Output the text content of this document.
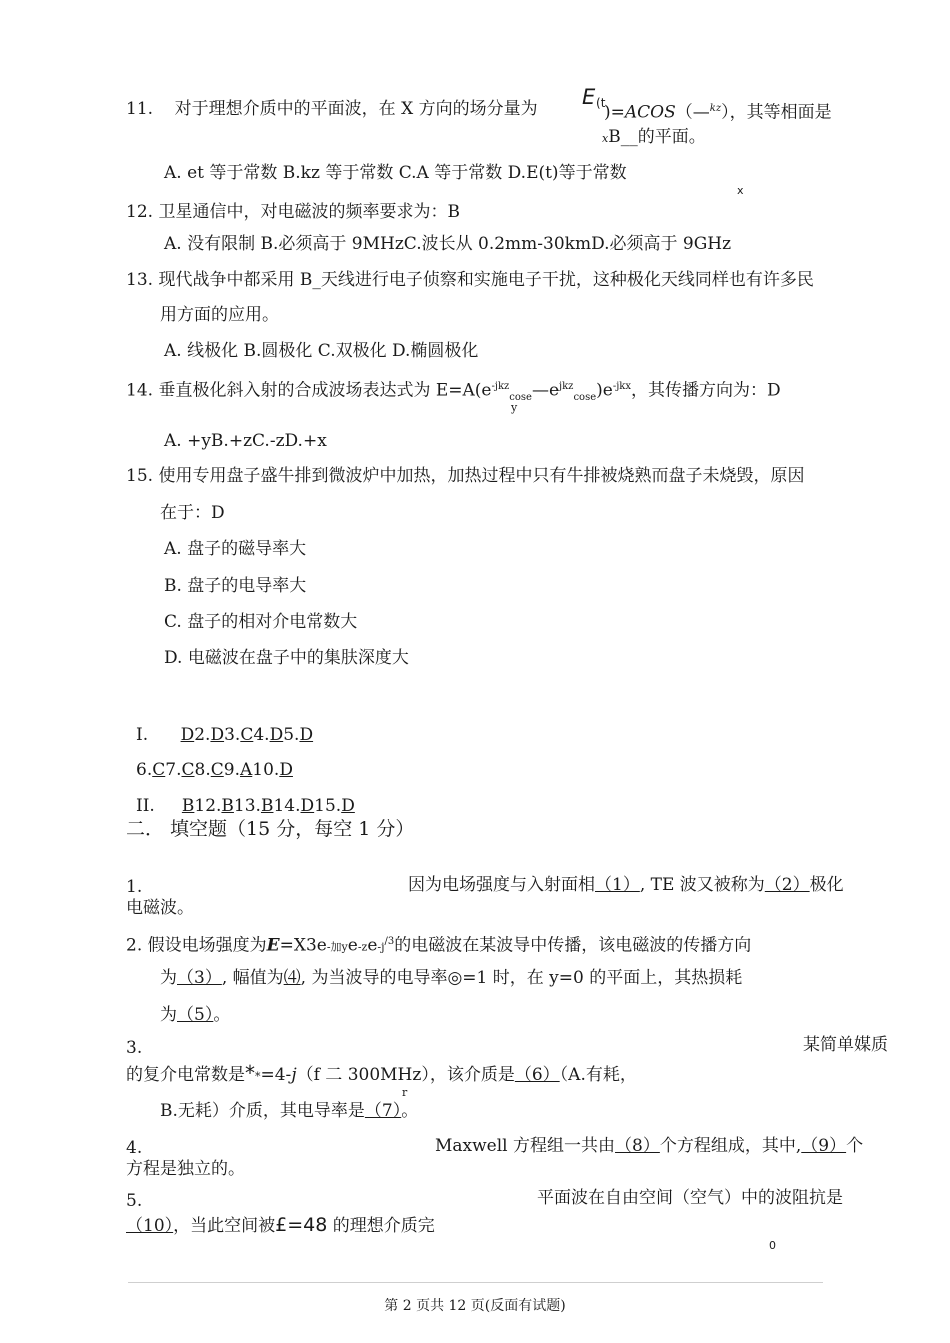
11. 对于理想介质中的平面波，在 X 方向的场分量为 E (t
)=ACOS（—$^{kz}$），其等相面是
xB__的平面。
A. et 等于常数 B.kz 等于常数 C.A 等于常数 D.E(t)等于常数
x
12. 卫星通信中，对电磁波的频率要求为：B
A. 没有限制 B.必须高于 9MHzC.波长从 0.2mm-30kmD.必须高于 9GHz
13. 现代战争中都采用 B_天线进行电子侦察和实施电子干扰，这种极化天线同样也有许多民
用方面的应用。
A. 线极化 B.圆极化 C.双极化 D.椭圆极化
14. 垂直极化斜入射的合成波场表达式为 $E=A(e^{-jkz}_{cose}—e^{jkz}_{cose})e^{-jkx}$，其传播方向为：D
y
A. +yB.+zC.-zD.+x
15. 使用专用盘子盛牛排到微波炉中加热，加热过程中只有牛排被烧熟而盘子未烧毁，原因
在于：D
A. 盘子的磁导率大
B. 盘子的电导率大
C. 盘子的相对介电常数大
D. 电磁波在盘子中的集肤深度大
I. D2.D3.C4.D5.D
6.C7.C8.C9.A10.D
II. B12.B13.B14.D15.D
二． 填空题（15 分，每空 1 分）
1.	因为电场强度与入射面相（1）, TE 波又被称为（2）极化
电磁波。
2. 假设电场强度为E=X3e-加$ye-ze-j^{/3}$的电磁波在某波导中传播，该电磁波的传播方向
为（3）, 幅值为⑷, 为当波导的电导率◎=1 时，在 y=0 的平面上，其热损耗
为（5）。
3.	某简单媒质
的复介电常数是**=4-j（f 二 300MHz），该介质是（6）（A.有耗，
r
B.无耗）介质，其电导率是（7）。
4.	Maxwell 方程组一共由（8）个方程组成，其中,（9）个
方程是独立的。
5.	平面波在自由空间（空气）中的波阻抗是
（10），当此空间被£=48 的理想介质完
0
第 2 页共 12 页(反面有试题)
